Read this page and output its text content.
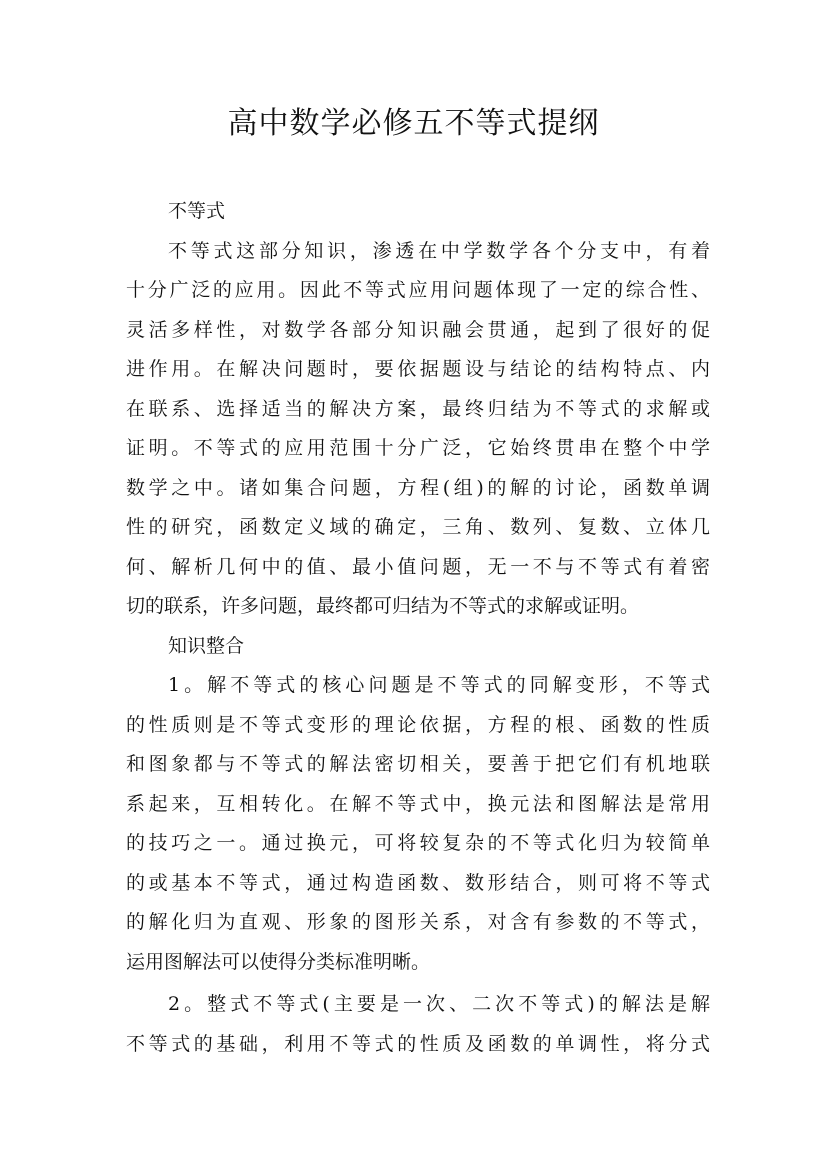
高中数学必修五不等式提纲
不等式
不等式这部分知识，渗透在中学数学各个分支中，有着
十分广泛的应用。因此不等式应用问题体现了一定的综合性、
灵活多样性，对数学各部分知识融会贯通，起到了很好的促
进作用。在解决问题时，要依据题设与结论的结构特点、内
在联系、选择适当的解决方案，最终归结为不等式的求解或
证明。不等式的应用范围十分广泛，它始终贯串在整个中学
数学之中。诸如集合问题，方程(组)的解的讨论，函数单调
性的研究，函数定义域的确定，三角、数列、复数、立体几
何、解析几何中的值、最小值问题，无一不与不等式有着密
切的联系，许多问题，最终都可归结为不等式的求解或证明。
知识整合
1。解不等式的核心问题是不等式的同解变形，不等式
的性质则是不等式变形的理论依据，方程的根、函数的性质
和图象都与不等式的解法密切相关，要善于把它们有机地联
系起来，互相转化。在解不等式中，换元法和图解法是常用
的技巧之一。通过换元，可将较复杂的不等式化归为较简单
的或基本不等式，通过构造函数、数形结合，则可将不等式
的解化归为直观、形象的图形关系，对含有参数的不等式，
运用图解法可以使得分类标准明晰。
2。整式不等式(主要是一次、二次不等式)的解法是解
不等式的基础，利用不等式的性质及函数的单调性，将分式
